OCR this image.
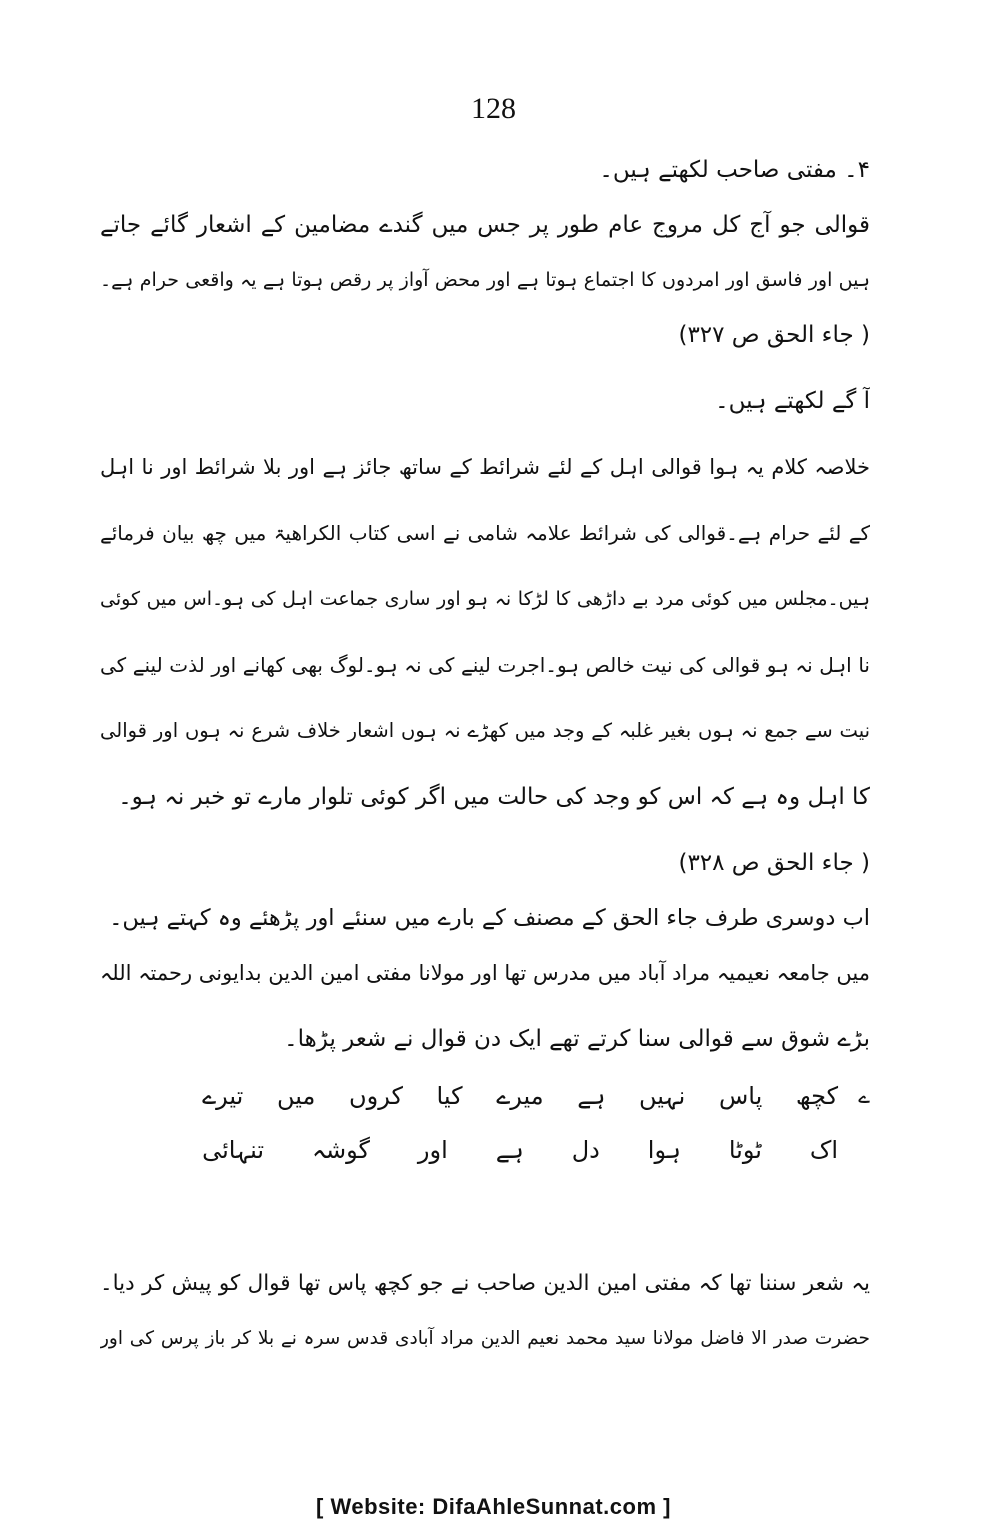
128
۴۔ مفتی صاحب لکھتے ہیں۔
قوالی جو آج کل مروج عام طور پر جس میں گندے مضامین کے اشعار گائے جاتے
ہیں اور فاسق اور امردوں کا اجتماع ہوتا ہے اور محض آواز پر رقص ہوتا ہے یہ واقعی حرام ہے۔
( جاء الحق ص ۳۲۷)
آ گے لکھتے ہیں۔
خلاصہ کلام یہ ہوا قوالی اہل کے لئے شرائط کے ساتھ جائز ہے اور بلا شرائط اور نا اہل
کے لئے حرام ہے۔قوالی کی شرائط علامہ شامی نے اسی کتاب الکراھیۃ میں چھ بیان فرمائے
ہیں۔مجلس میں کوئی مرد بے داڑھی کا لڑکا نہ ہو اور ساری جماعت اہل کی ہو۔اس میں کوئی
نا اہل نہ ہو قوالی کی نیت خالص ہو۔اجرت لینے کی نہ ہو۔لوگ بھی کھانے اور لذت لینے کی
نیت سے جمع نہ ہوں بغیر غلبہ کے وجد میں کھڑے نہ ہوں اشعار خلاف شرع نہ ہوں اور قوالی
کا اہل وہ ہے کہ اس کو وجد کی حالت میں اگر کوئی تلوار مارے تو خبر نہ ہو۔
( جاء الحق ص ۳۲۸)
اب دوسری طرف جاء الحق کے مصنف کے بارے میں سنئے اور پڑھئے وہ کہتے ہیں۔
میں جامعہ نعیمیہ مراد آباد میں مدرس تھا اور مولانا مفتی امین الدین بدایونی رحمتہ اللہ
بڑے شوق سے قوالی سنا کرتے تھے ایک دن قوال نے شعر پڑھا۔
ے
کچھ
پاس
نہیں
ہے
میرے
کیا
کروں
میں
تیرے
اک
ٹوٹا
ہوا
دل
ہے
اور
گوشہ
تنہائی
یہ شعر سننا تھا کہ مفتی امین الدین صاحب نے جو کچھ پاس تھا قوال کو پیش کر دیا۔
حضرت صدر الا فاضل مولانا سید محمد نعیم الدین مراد آبادی قدس سرہ نے بلا کر باز پرس کی اور
[ Website: DifaAhleSunnat.com ]
